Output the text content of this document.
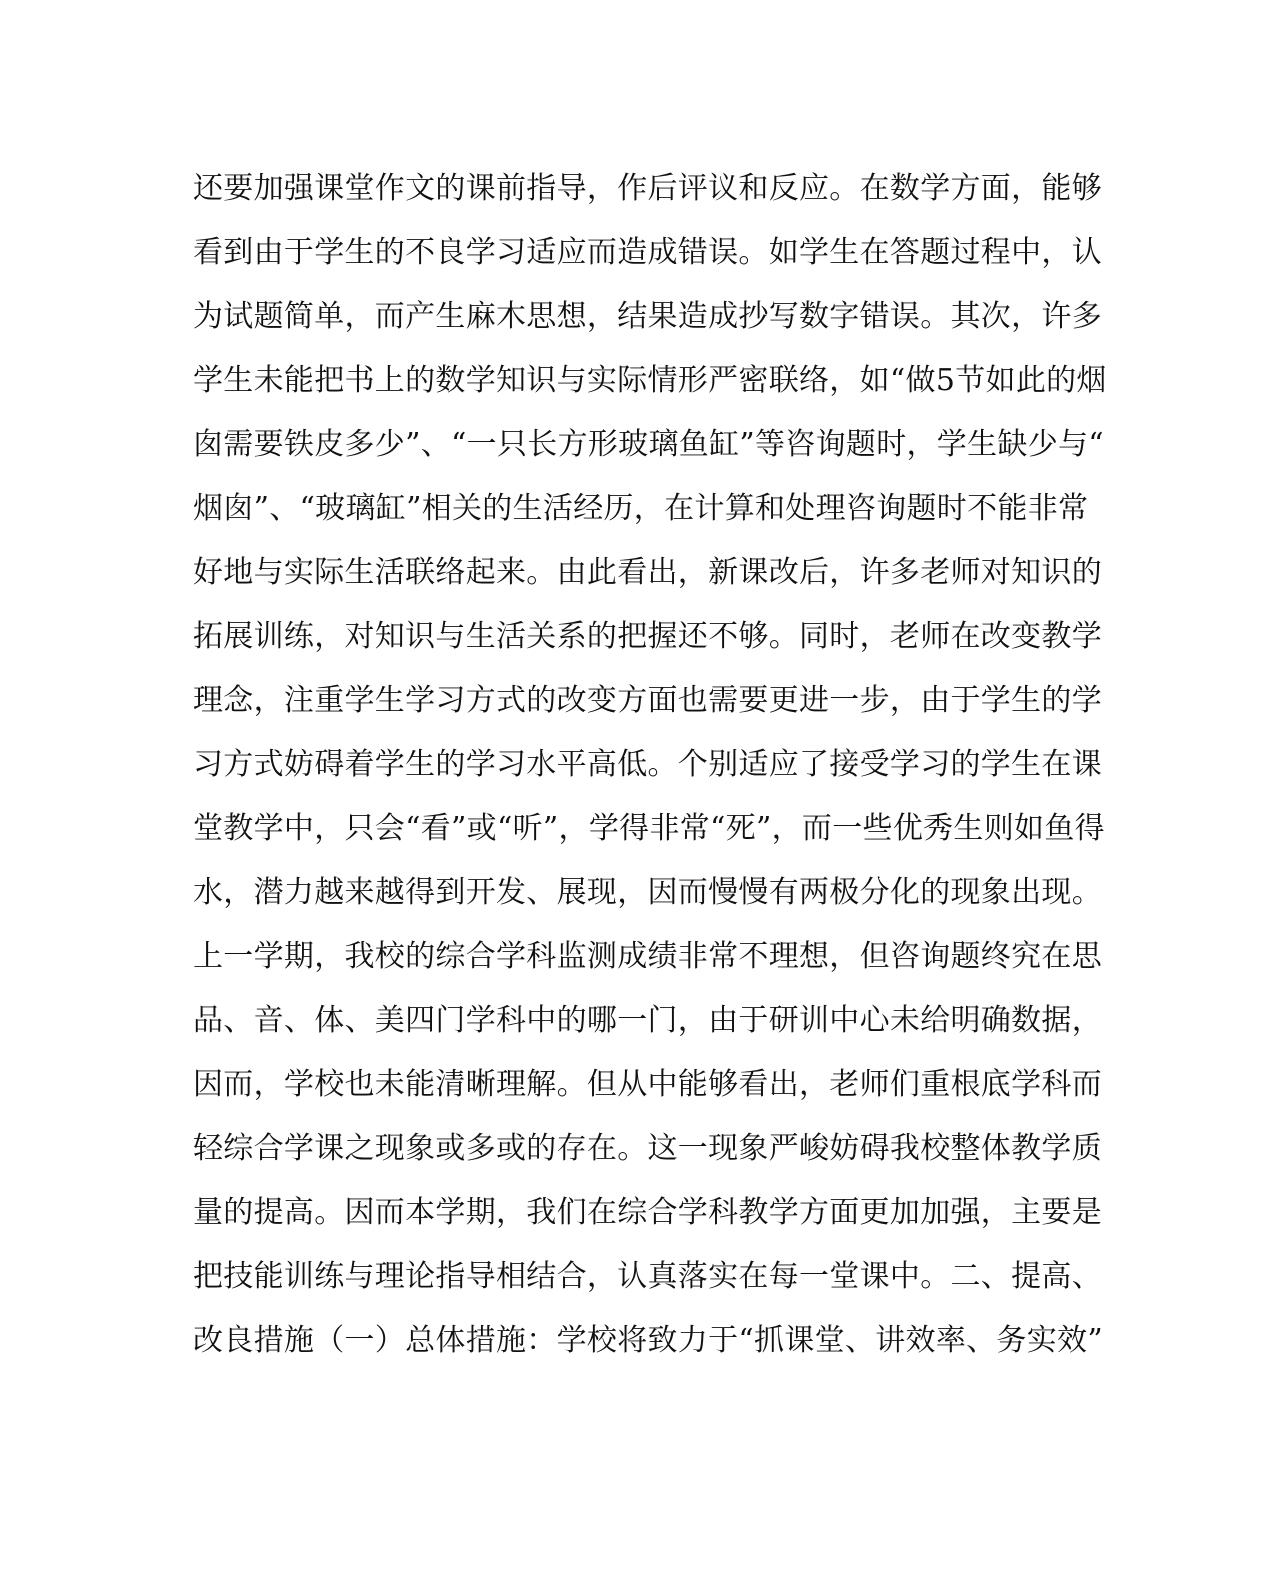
还要加强课堂作文的课前指导，作后评议和反应。在数学方面，能够
看到由于学生的不良学习适应而造成错误。如学生在答题过程中，认
为试题简单，而产生麻木思想，结果造成抄写数字错误。其次，许多
学生未能把书上的数学知识与实际情形严密联络，如“做5节如此的烟
囱需要铁皮多少”、“一只长方形玻璃鱼缸”等咨询题时，学生缺少与“
烟囱”、“玻璃缸”相关的生活经历，在计算和处理咨询题时不能非常
好地与实际生活联络起来。由此看出，新课改后，许多老师对知识的
拓展训练，对知识与生活关系的把握还不够。同时，老师在改变教学
理念，注重学生学习方式的改变方面也需要更进一步，由于学生的学
习方式妨碍着学生的学习水平高低。个别适应了接受学习的学生在课
堂教学中，只会“看”或“听”，学得非常“死”，而一些优秀生则如鱼得
水，潜力越来越得到开发、展现，因而慢慢有两极分化的现象出现。
上一学期，我校的综合学科监测成绩非常不理想，但咨询题终究在思
品、音、体、美四门学科中的哪一门，由于研训中心未给明确数据，
因而，学校也未能清晰理解。但从中能够看出，老师们重根底学科而
轻综合学课之现象或多或的存在。这一现象严峻妨碍我校整体教学质
量的提高。因而本学期，我们在综合学科教学方面更加加强，主要是
把技能训练与理论指导相结合，认真落实在每一堂课中。二、提高、
改良措施（一）总体措施：学校将致力于“抓课堂、讲效率、务实效”
